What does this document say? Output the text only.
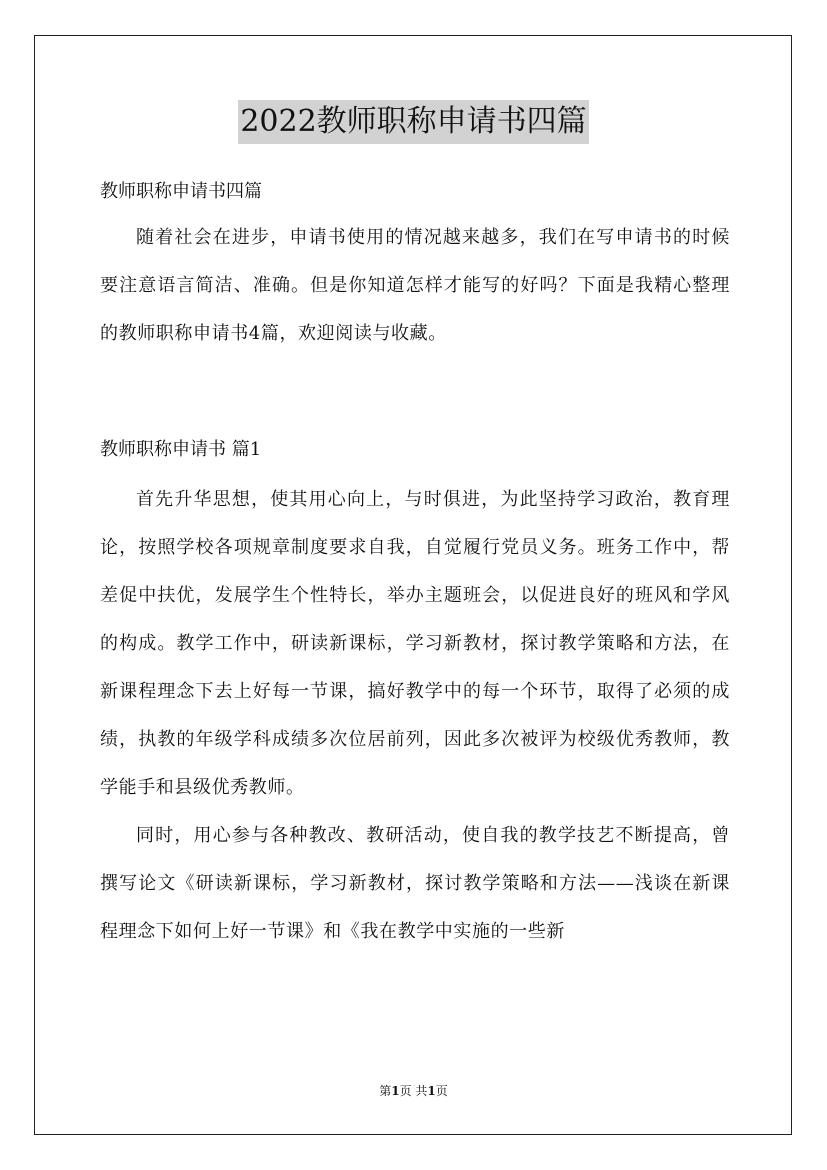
2022教师职称申请书四篇

教师职称申请书四篇

随着社会在进步，申请书使用的情况越来越多，我们在写申请书的时候要注意语言简洁、准确。但是你知道怎样才能写的好吗？下面是我精心整理的教师职称申请书4篇，欢迎阅读与收藏。

教师职称申请书 篇1

首先升华思想，使其用心向上，与时俱进，为此坚持学习政治，教育理论，按照学校各项规章制度要求自我，自觉履行党员义务。班务工作中，帮差促中扶优，发展学生个性特长，举办主题班会，以促进良好的班风和学风的构成。教学工作中，研读新课标，学习新教材，探讨教学策略和方法，在新课程理念下去上好每一节课，搞好教学中的每一个环节，取得了必须的成绩，执教的年级学科成绩多次位居前列，因此多次被评为校级优秀教师，教学能手和县级优秀教师。

同时，用心参与各种教改、教研活动，使自我的教学技艺不断提高，曾撰写论文《研读新课标，学习新教材，探讨教学策略和方法——浅谈在新课程理念下如何上好一节课》和《我在教学中实施的一些新

第1页 共1页
